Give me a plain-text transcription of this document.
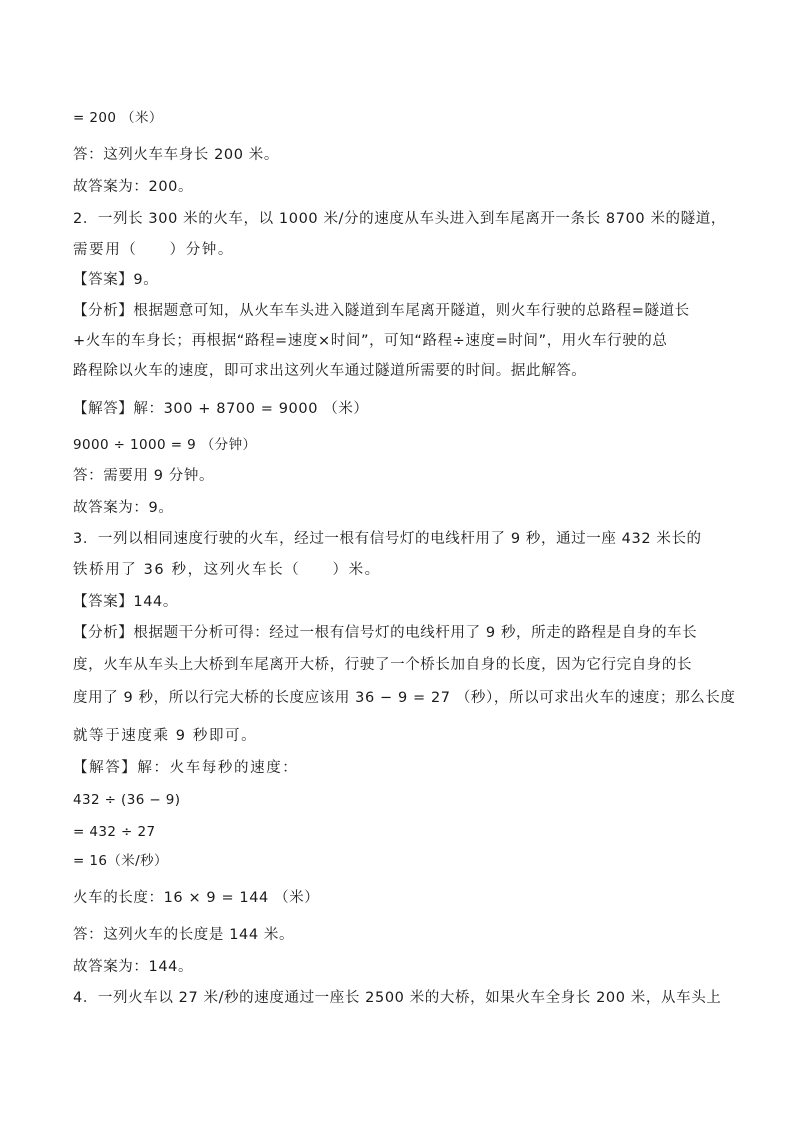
= 200 （米）
答：这列火车车身长 200 米。
故答案为：200。
2．一列长 300 米的火车，以 1000 米/分的速度从车头进入到车尾离开一条长 8700 米的隧道，
需要用（　　）分钟。
【答案】9。
【分析】根据题意可知，从火车车头进入隧道到车尾离开隧道，则火车行驶的总路程=隧道长
+火车的车身长；再根据“路程=速度×时间”，可知“路程÷速度=时间”，用火车行驶的总
路程除以火车的速度，即可求出这列火车通过隧道所需要的时间。据此解答。
【解答】解：300 + 8700 = 9000 （米）
9000 ÷ 1000 = 9 （分钟）
答：需要用 9 分钟。
故答案为：9。
3．一列以相同速度行驶的火车，经过一根有信号灯的电线杆用了 9 秒，通过一座 432 米长的
铁桥用了 36 秒，这列火车长（　　）米。
【答案】144。
【分析】根据题干分析可得：经过一根有信号灯的电线杆用了 9 秒，所走的路程是自身的车长
度，火车从车头上大桥到车尾离开大桥，行驶了一个桥长加自身的长度，因为它行完自身的长
度用了 9 秒，所以行完大桥的长度应该用 36 − 9 = 27 （秒），所以可求出火车的速度；那么长度
就等于速度乘 9 秒即可。
【解答】解：火车每秒的速度：
432 ÷ (36 − 9)
= 432 ÷ 27
= 16（米/秒）
火车的长度：16 × 9 = 144 （米）
答：这列火车的长度是 144 米。
故答案为：144。
4．一列火车以 27 米/秒的速度通过一座长 2500 米的大桥，如果火车全身长 200 米，从车头上
